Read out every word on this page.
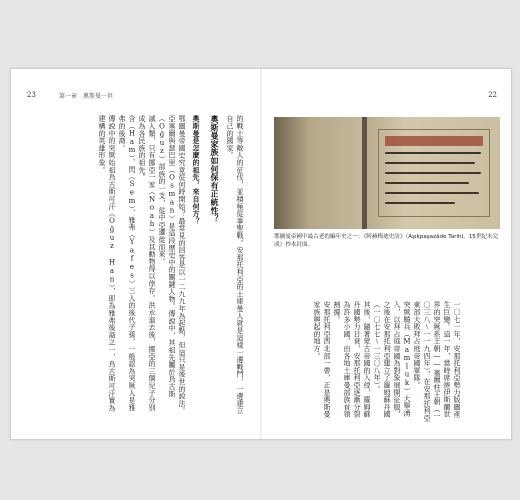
23	第一章　奧斯曼一世
的戰士等敵人的征伐，並積極從事聖戰。安那托利亞的土庫曼人就是這樣一邊戰鬥，一邊建立自己的國家。
奧斯曼家族如何保有正統性？
奧斯曼是怎麼的祖先，來自何方？
鄂圖曼帝國史究竟從何時開始？最常見的回答是以一二九九年為起點，但這只是後世的說法。
亞塞爾與瑟巴里（Osman）是這段歷史中的關鍵人物。傳說中，其祖先屬於烏古斯（Oğuz）部族的一支，從中亞遷徙而來。
滅人類，只有挪亞一家（Noah）及其動物得以倖存。洪水退去後，挪亞的三個兒子分別成為各民族的祖先。
含（Ham）、閃（Sem）、雅弗（Yafes）三人的後代子孫，一般認為突厥人是雅弗的後裔。
傳說中的突厥始祖烏古斯可汗（Oğuz Han），即為雅弗後裔之一，烏古斯可汗實為建構的英雄形象。
22
鄂圖曼帝國中最古老的編年史之一：《阿赫梅迪史詩》（Aşıkpaşazâde Tarihi，15世紀末完成）抄本封面。
一〇七一年，安那托利亞勢力版圖產生巨變。這一年，當時席捲伊斯蘭世界的突厥系王朝——塞爾柱王朝（一〇三八～一一九四年），在安那托利亞東部大敗拜占庭帝國軍隊。
突厥騎兵（Mamluk）大舉湧入，以拜占庭帝國為對象展開征服，之後在安那托利亞建立了羅姆蘇丹國（一〇七七～一三〇八年）。
其後，隨著蒙古帝國的入侵，羅姆蘇丹國勢力日衰，安那托利亞逐漸分裂為許多小國，由各地土庫曼部族首領割據。
安那托利亞西北部一帶，正是奧斯曼家族興起的地方。
